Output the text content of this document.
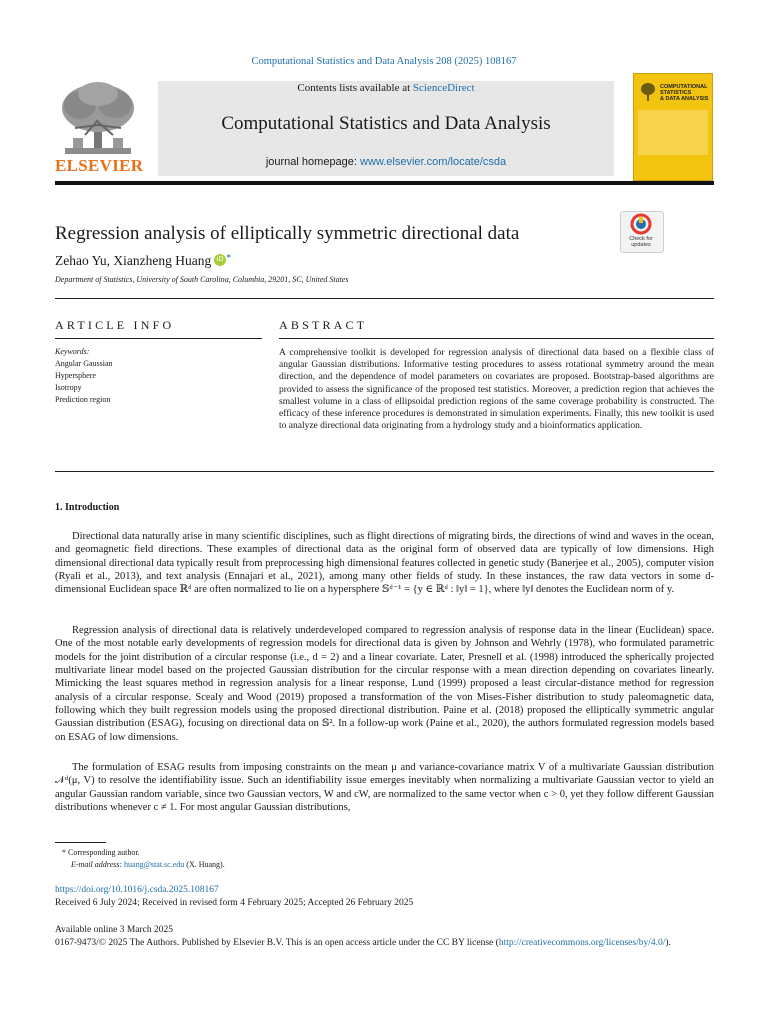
Computational Statistics and Data Analysis 208 (2025) 108167
ELSEVIER
Contents lists available at ScienceDirect
Computational Statistics and Data Analysis
journal homepage: www.elsevier.com/locate/csda
COMPUTATIONAL
STATISTICS
& DATA ANALYSIS
Regression analysis of elliptically symmetric directional data
Zehao Yu, Xianzheng Huang iD *
Department of Statistics, University of South Carolina, Columbia, 29201, SC, United States
Check for
updates
ARTICLE INFO	ABSTRACT
Keywords:
Angular Gaussian
Hypersphere
Isotropy
Prediction region
A comprehensive toolkit is developed for regression analysis of directional data based on a flexible class of angular Gaussian distributions. Informative testing procedures to assess rotational symmetry around the mean direction, and the dependence of model parameters on covariates are proposed. Bootstrap-based algorithms are provided to assess the significance of the proposed test statistics. Moreover, a prediction region that achieves the smallest volume in a class of ellipsoidal prediction regions of the same coverage probability is constructed. The efficacy of these inference procedures is demonstrated in simulation experiments. Finally, this new toolkit is used to analyze directional data originating from a hydrology study and a bioinformatics application.
1. Introduction
Directional data naturally arise in many scientific disciplines, such as flight directions of migrating birds, the directions of wind and waves in the ocean, and geomagnetic field directions. These examples of directional data as the original form of observed data are typically of low dimensions. High dimensional directional data typically result from preprocessing high dimensional features collected in genetic study (Banerjee et al., 2005), computer vision (Ryali et al., 2013), and text analysis (Ennajari et al., 2021), among many other fields of study. In these instances, the raw data vectors in some d-dimensional Euclidean space ℝᵈ are often normalized to lie on a hypersphere 𝕊ᵈ⁻¹ = {y ∈ ℝᵈ : ‖y‖ = 1}, where ‖y‖ denotes the Euclidean norm of y.
Regression analysis of directional data is relatively underdeveloped compared to regression analysis of response data in the linear (Euclidean) space. One of the most notable early developments of regression models for directional data is given by Johnson and Wehrly (1978), who formulated parametric models for the joint distribution of a circular response (i.e., d = 2) and a linear covariate. Later, Presnell et al. (1998) introduced the spherically projected multivariate linear model based on the projected Gaussian distribution for the circular response with a mean direction depending on covariates linearly. Mimicking the least squares method in regression analysis for a linear response, Lund (1999) proposed a least circular-distance method for regression analysis of a circular response. Scealy and Wood (2019) proposed a transformation of the von Mises-Fisher distribution to study paleomagnetic data, following which they built regression models using the proposed directional distribution. Paine et al. (2018) proposed the elliptically symmetric angular Gaussian distribution (ESAG), focusing on directional data on 𝕊². In a follow-up work (Paine et al., 2020), the authors formulated regression models based on ESAG of low dimensions.
The formulation of ESAG results from imposing constraints on the mean μ and variance-covariance matrix V of a multivariate Gaussian distribution 𝒩ᵈ(μ, V) to resolve the identifiability issue. Such an identifiability issue emerges inevitably when normalizing a multivariate Gaussian vector to yield an angular Gaussian random variable, since two Gaussian vectors, W and cW, are normalized to the same vector when c > 0, yet they follow different Gaussian distributions whenever c ≠ 1. For most angular Gaussian distributions,
* Corresponding author.
E-mail address: huang@stat.sc.edu (X. Huang).
https://doi.org/10.1016/j.csda.2025.108167
Received 6 July 2024; Received in revised form 4 February 2025; Accepted 26 February 2025
Available online 3 March 2025
0167-9473/© 2025 The Authors. Published by Elsevier B.V. This is an open access article under the CC BY license (http://creativecommons.org/licenses/by/4.0/).
